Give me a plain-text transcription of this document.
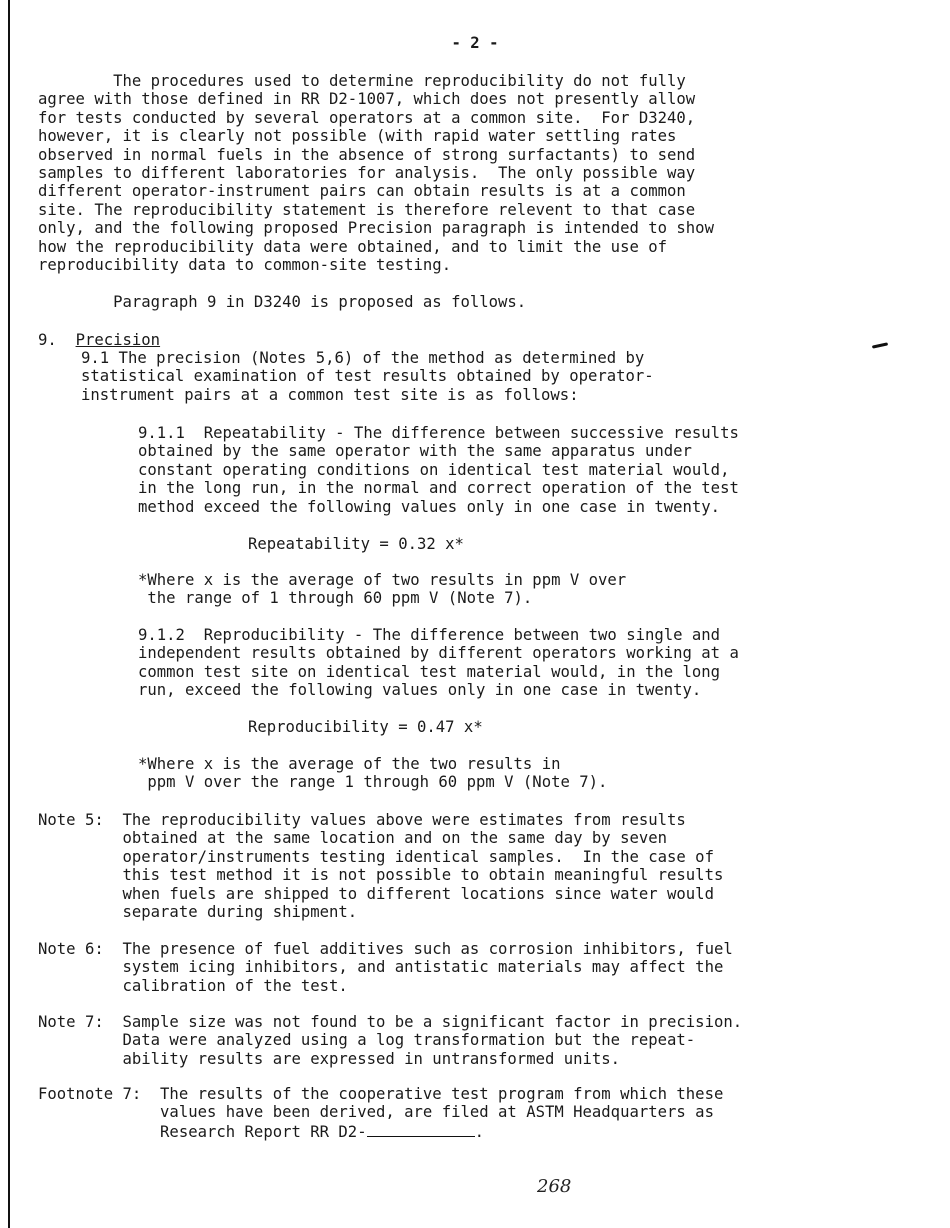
- 2 -
The procedures used to determine reproducibility do not fully
agree with those defined in RR D2-1007, which does not presently allow
for tests conducted by several operators at a common site.  For D3240,
however, it is clearly not possible (with rapid water settling rates
observed in normal fuels in the absence of strong surfactants) to send
samples to different laboratories for analysis.  The only possible way
different operator-instrument pairs can obtain results is at a common
site. The reproducibility statement is therefore relevent to that case
only, and the following proposed Precision paragraph is intended to show
how the reproducibility data were obtained, and to limit the use of
reproducibility data to common-site testing.
Paragraph 9 in D3240 is proposed as follows.
9.  Precision
9.1 The precision (Notes 5,6) of the method as determined by
statistical examination of test results obtained by operator-
instrument pairs at a common test site is as follows:
9.1.1  Repeatability - The difference between successive results
obtained by the same operator with the same apparatus under
constant operating conditions on identical test material would,
in the long run, in the normal and correct operation of the test
method exceed the following values only in one case in twenty.
Repeatability = 0.32 x*
*Where x is the average of two results in ppm V over
the range of 1 through 60 ppm V (Note 7).
9.1.2  Reproducibility - The difference between two single and
independent results obtained by different operators working at a
common test site on identical test material would, in the long
run, exceed the following values only in one case in twenty.
Reproducibility = 0.47 x*
*Where x is the average of the two results in
ppm V over the range 1 through 60 ppm V (Note 7).
Note 5:  The reproducibility values above were estimates from results
obtained at the same location and on the same day by seven
operator/instruments testing identical samples.  In the case of
this test method it is not possible to obtain meaningful results
when fuels are shipped to different locations since water would
separate during shipment.
Note 6:  The presence of fuel additives such as corrosion inhibitors, fuel
system icing inhibitors, and antistatic materials may affect the
calibration of the test.
Note 7:  Sample size was not found to be a significant factor in precision.
Data were analyzed using a log transformation but the repeat-
ability results are expressed in untransformed units.
Footnote 7:  The results of the cooperative test program from which these
values have been derived, are filed at ASTM Headquarters as
Research Report RR D2-	.
268
